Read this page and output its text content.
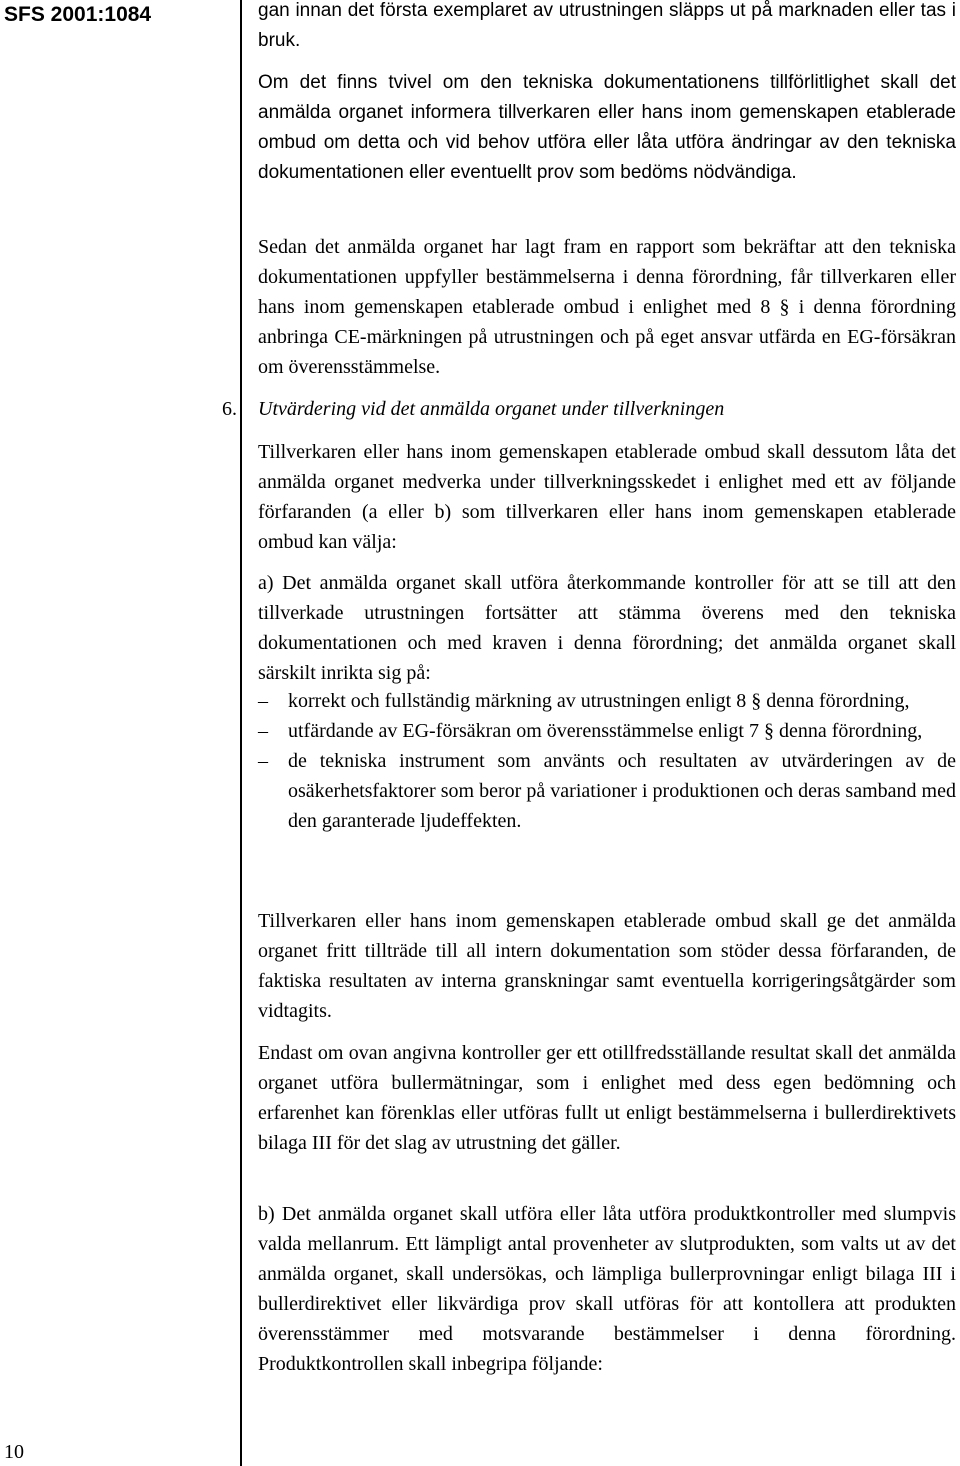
SFS 2001:1084
10

gan innan det första exemplaret av utrustningen släpps ut på marknaden eller tas i bruk.

Om det finns tvivel om den tekniska dokumentationens tillförlitlighet skall det anmälda organet informera tillverkaren eller hans inom gemenskapen etablerade ombud om detta och vid behov utföra eller låta utföra ändringar av den tekniska dokumentationen eller eventuellt prov som bedöms nödvändiga.

Sedan det anmälda organet har lagt fram en rapport som bekräftar att den tekniska dokumentationen uppfyller bestämmelserna i denna förordning, får tillverkaren eller hans inom gemenskapen etablerade ombud i enlighet med 8 § i denna förordning anbringa CE-märkningen på utrustningen och på eget ansvar utfärda en EG-försäkran om överensstämmelse.

6. Utvärdering vid det anmälda organet under tillverkningen

Tillverkaren eller hans inom gemenskapen etablerade ombud skall dessutom låta det anmälda organet medverka under tillverkningsskedet i enlighet med ett av följande förfaranden (a eller b) som tillverkaren eller hans inom gemenskapen etablerade ombud kan välja:

a) Det anmälda organet skall utföra återkommande kontroller för att se till att den tillverkade utrustningen fortsätter att stämma överens med den tekniska dokumentationen och med kraven i denna förordning; det anmälda organet skall särskilt inrikta sig på:

–	korrekt och fullständig märkning av utrustningen enligt 8 § denna förordning,
–	utfärdande av EG-försäkran om överensstämmelse enligt 7 § denna förordning,
–	de tekniska instrument som använts och resultaten av utvärderingen av de osäkerhetsfaktorer som beror på variationer i produktionen och deras samband med den garanterade ljudeffekten.

Tillverkaren eller hans inom gemenskapen etablerade ombud skall ge det anmälda organet fritt tillträde till all intern dokumentation som stöder dessa förfaranden, de faktiska resultaten av interna granskningar samt eventuella korrigeringsåtgärder som vidtagits.

Endast om ovan angivna kontroller ger ett otillfredsställande resultat skall det anmälda organet utföra bullermätningar, som i enlighet med dess egen bedömning och erfarenhet kan förenklas eller utföras fullt ut enligt bestämmelserna i bullerdirektivets bilaga III för det slag av utrustning det gäller.

b) Det anmälda organet skall utföra eller låta utföra produktkontroller med slumpvis valda mellanrum. Ett lämpligt antal provenheter av slutprodukten, som valts ut av det anmälda organet, skall undersökas, och lämpliga bullerprovningar enligt bilaga III i bullerdirektivet eller likvärdiga prov skall utföras för att kontollera att produkten överensstämmer med motsvarande bestämmelser i denna förordning. Produktkontrollen skall inbegripa följande:
